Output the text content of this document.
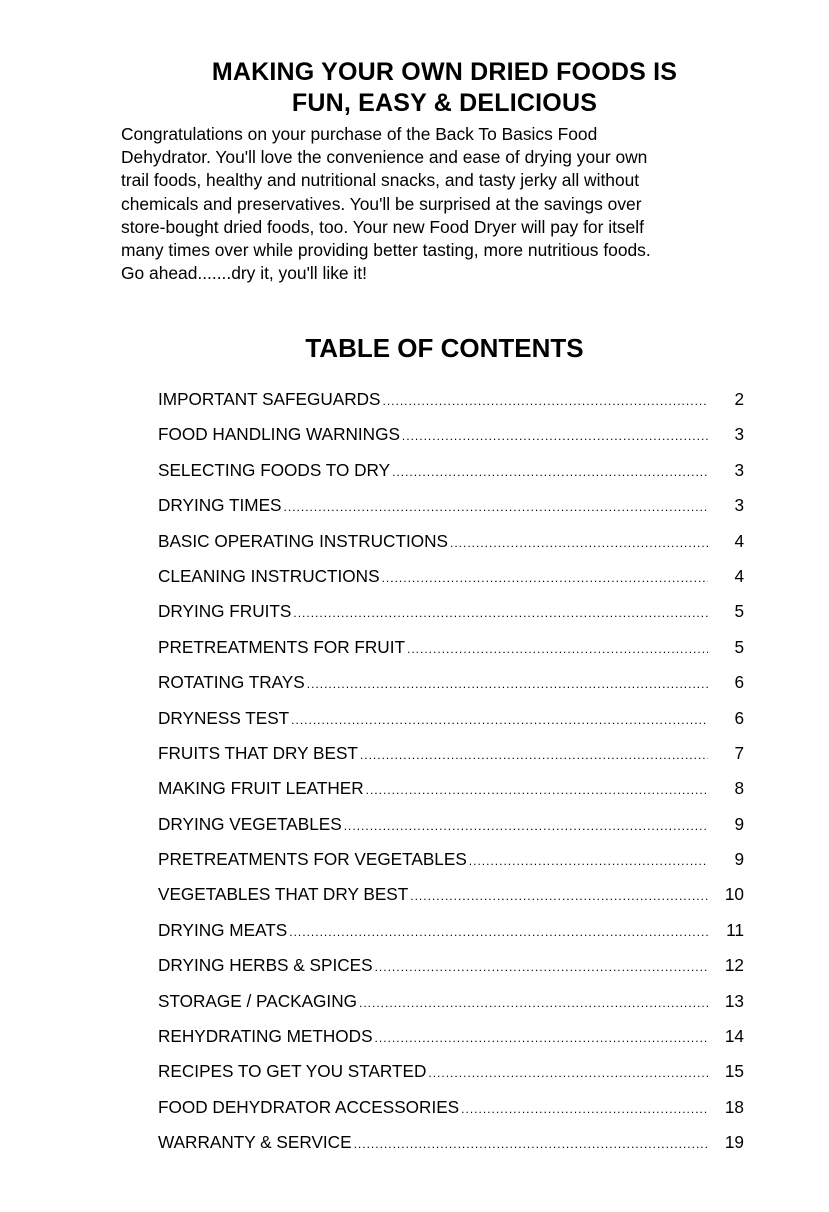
MAKING YOUR OWN DRIED FOODS IS
FUN, EASY & DELICIOUS

Congratulations on your purchase of the Back To Basics Food
Dehydrator. You'll love the convenience and ease of drying your own
trail foods, healthy and nutritional snacks, and tasty jerky all without
chemicals and preservatives. You'll be surprised at the savings over
store-bought dried foods, too. Your new Food Dryer will pay for itself
many times over while providing better tasting, more nutritious foods.
Go ahead.......dry it, you'll like it!

TABLE OF CONTENTS
IMPORTANT SAFEGUARDS .....	2
FOOD HANDLING WARNINGS .....	3
SELECTING FOODS TO DRY .....	3
DRYING TIMES .....	3
BASIC OPERATING INSTRUCTIONS .....	4
CLEANING INSTRUCTIONS .....	4
DRYING FRUITS .....	5
PRETREATMENTS FOR FRUIT .....	5
ROTATING TRAYS .....	6
DRYNESS TEST .....	6
FRUITS THAT DRY BEST .....	7
MAKING FRUIT LEATHER .....	8
DRYING VEGETABLES .....	9
PRETREATMENTS FOR VEGETABLES .....	9
VEGETABLES THAT DRY BEST .....	10
DRYING MEATS .....	11
DRYING HERBS & SPICES .....	12
STORAGE / PACKAGING .....	13
REHYDRATING METHODS .....	14
RECIPES TO GET YOU STARTED .....	15
FOOD DEHYDRATOR ACCESSORIES .....	18
WARRANTY & SERVICE .....	19
